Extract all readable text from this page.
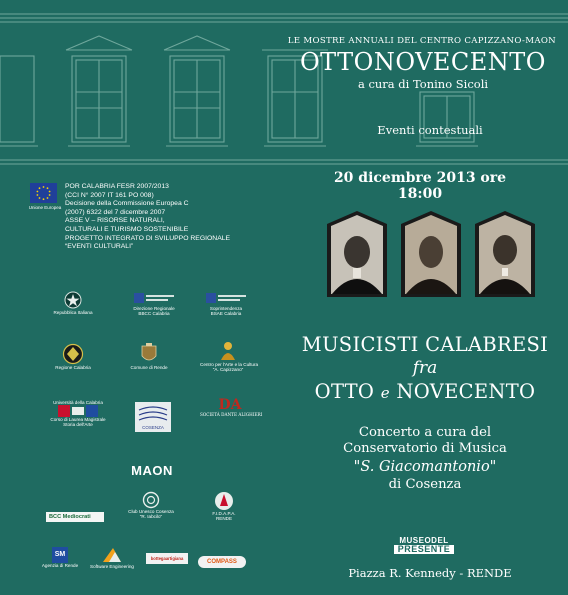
LE MOSTRE ANNUALI DEL CENTRO CAPIZZANO-MAON
OTTONOVECENTO
a cura di Tonino Sicoli
Eventi contestuali
20 dicembre 2013 ore 18:00
Unione Europea
POR CALABRIA FESR 2007/2013
(CCI N° 2007 IT 161 PO 008)
Decisione della Commissione Europea C
(2007) 6322 del 7 dicembre 2007
ASSE V – RISORSE NATURALI,
CULTURALI E TURISMO SOSTENIBILE
PROGETTO INTEGRATO DI SVILUPPO REGIONALE
“EVENTI CULTURALI”
Repubblica Italiana
Direzione Regionale
BBCC Calabria
Soprintendenza
BSAE Calabria
Regione Calabria	Comune di Rende
Centro per l'Arte e la Cultura
"A. Capizzano"
Università della Calabria
Corso di Laurea Magistrale
Storia dell'Arte
COSENZA
DA
SOCIETÀ DANTE ALIGHIERI
MAON
Club Unesco Cosenza
"R. Iabcilo"
F.I.D.A.P.A.
RENDE
BCC Mediocrati
SM
Agenzia di Rende	Software Engineering
bottegaartigiana
COMPASS
MUSICISTI CALABRESI
fra
OTTO e NOVECENTO
Concerto a cura del
Conservatorio di Musica
"S. Giacomantonio"
di Cosenza
MUSEODEL
PRESENTE
Piazza R. Kennedy - RENDE
